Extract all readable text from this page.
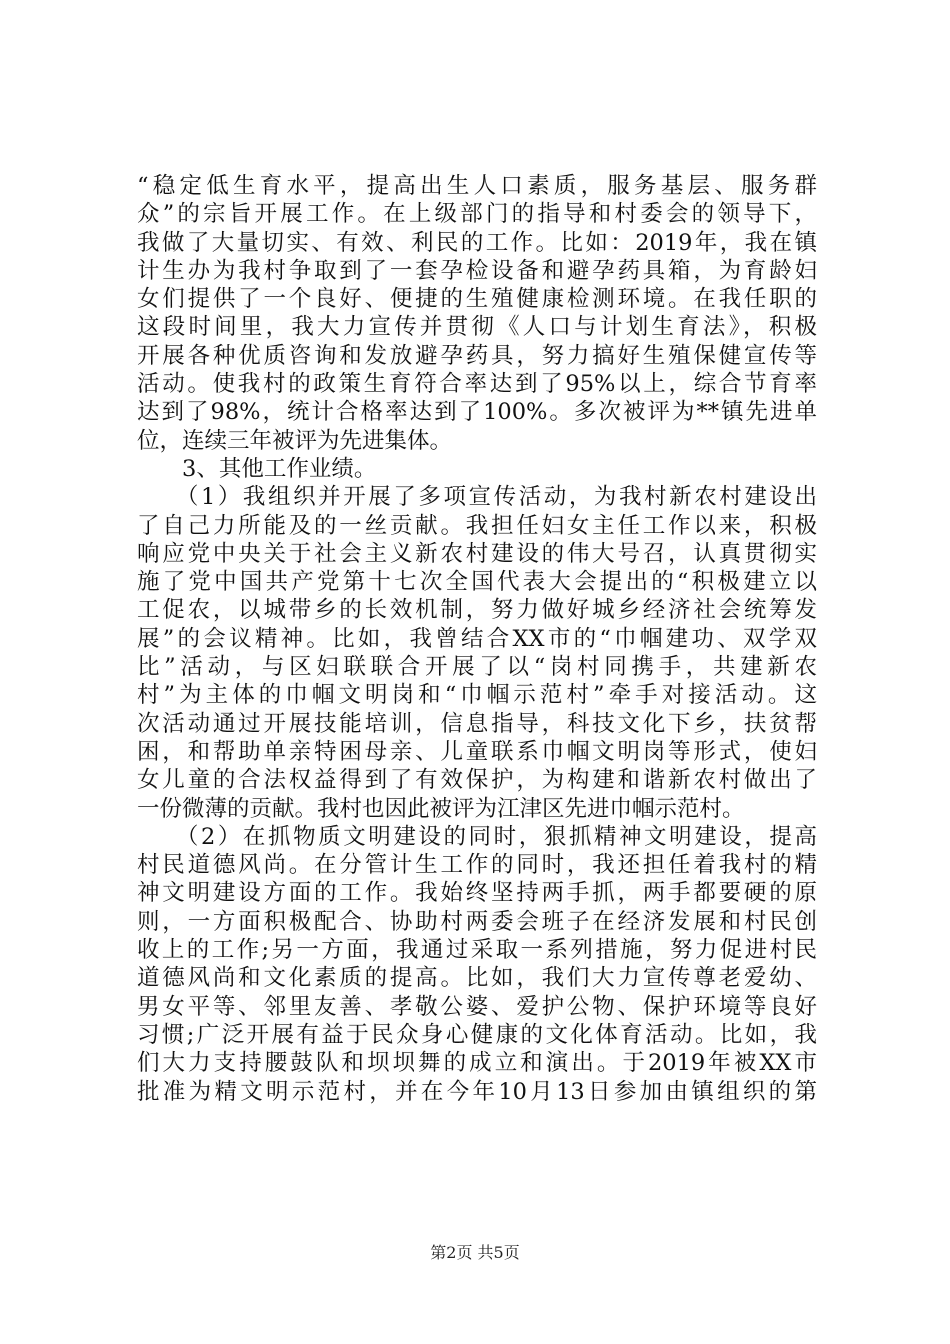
“稳定低生育水平，提高出生人口素质，服务基层、服务群
众”的宗旨开展工作。在上级部门的指导和村委会的领导下，
我做了大量切实、有效、利民的工作。比如：2019年，我在镇
计生办为我村争取到了一套孕检设备和避孕药具箱，为育龄妇
女们提供了一个良好、便捷的生殖健康检测环境。在我任职的
这段时间里，我大力宣传并贯彻《人口与计划生育法》，积极
开展各种优质咨询和发放避孕药具，努力搞好生殖保健宣传等
活动。使我村的政策生育符合率达到了95%以上，综合节育率
达到了98%，统计合格率达到了100%。多次被评为**镇先进单
位，连续三年被评为先进集体。
　　3、其他工作业绩。
　　（1）我组织并开展了多项宣传活动，为我村新农村建设出
了自己力所能及的一丝贡献。我担任妇女主任工作以来，积极
响应党中央关于社会主义新农村建设的伟大号召，认真贯彻实
施了党中国共产党第十七次全国代表大会提出的“积极建立以
工促农，以城带乡的长效机制，努力做好城乡经济社会统筹发
展”的会议精神。比如，我曾结合XX市的“巾帼建功、双学双
比”活动，与区妇联联合开展了以“岗村同携手，共建新农
村”为主体的巾帼文明岗和“巾帼示范村”牵手对接活动。这
次活动通过开展技能培训，信息指导，科技文化下乡，扶贫帮
困，和帮助单亲特困母亲、儿童联系巾帼文明岗等形式，使妇
女儿童的合法权益得到了有效保护，为构建和谐新农村做出了
一份微薄的贡献。我村也因此被评为江津区先进巾帼示范村。
　　（2）在抓物质文明建设的同时，狠抓精神文明建设，提高
村民道德风尚。在分管计生工作的同时，我还担任着我村的精
神文明建设方面的工作。我始终坚持两手抓，两手都要硬的原
则，一方面积极配合、协助村两委会班子在经济发展和村民创
收上的工作;另一方面，我通过采取一系列措施，努力促进村民
道德风尚和文化素质的提高。比如，我们大力宣传尊老爱幼、
男女平等、邻里友善、孝敬公婆、爱护公物、保护环境等良好
习惯;广泛开展有益于民众身心健康的文化体育活动。比如，我
们大力支持腰鼓队和坝坝舞的成立和演出。于2019年被XX市
批准为精文明示范村，并在今年10月13日参加由镇组织的第
第2页 共5页
